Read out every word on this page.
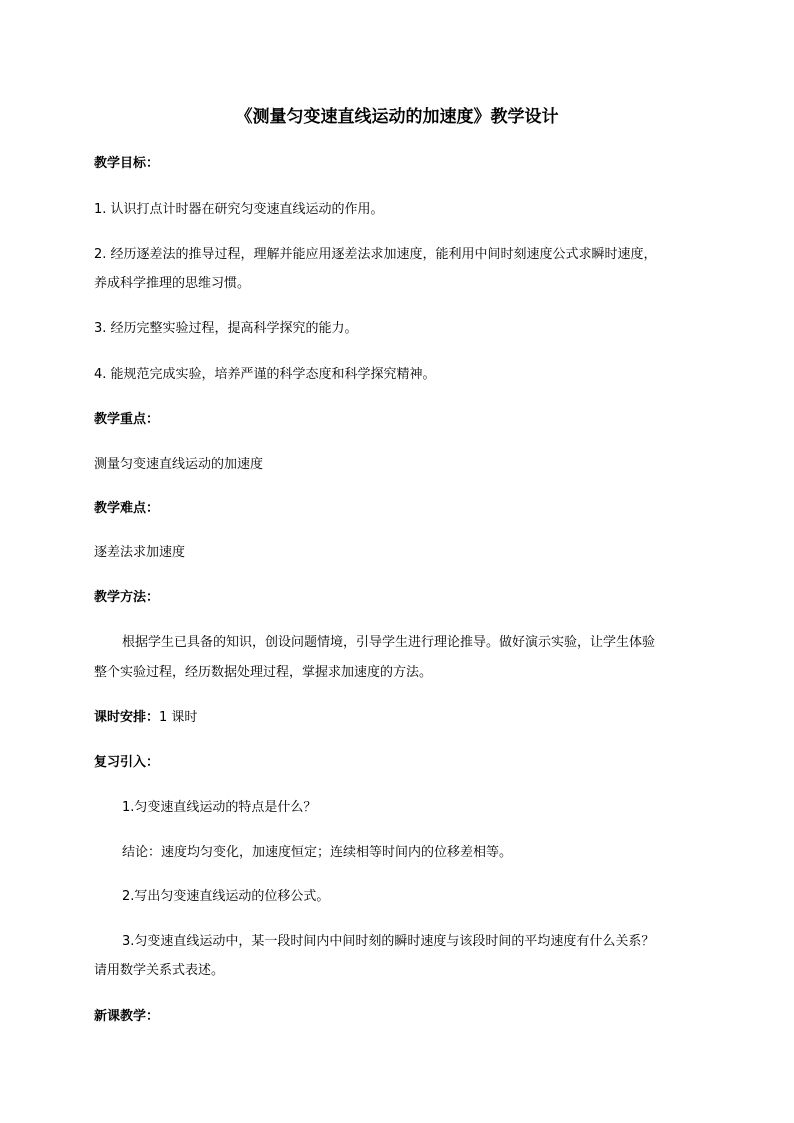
《测量匀变速直线运动的加速度》教学设计
教学目标：
1. 认识打点计时器在研究匀变速直线运动的作用。
2. 经历逐差法的推导过程，理解并能应用逐差法求加速度，能利用中间时刻速度公式求瞬时速度，
养成科学推理的思维习惯。
3. 经历完整实验过程，提高科学探究的能力。
4. 能规范完成实验，培养严谨的科学态度和科学探究精神。
教学重点：
测量匀变速直线运动的加速度
教学难点：
逐差法求加速度
教学方法：
根据学生已具备的知识，创设问题情境，引导学生进行理论推导。做好演示实验，让学生体验
整个实验过程，经历数据处理过程，掌握求加速度的方法。
课时安排：1 课时
复习引入：
1.匀变速直线运动的特点是什么？
结论：速度均匀变化，加速度恒定；连续相等时间内的位移差相等。
2.写出匀变速直线运动的位移公式。
3.匀变速直线运动中，某一段时间内中间时刻的瞬时速度与该段时间的平均速度有什么关系？
请用数学关系式表述。
新课教学：
